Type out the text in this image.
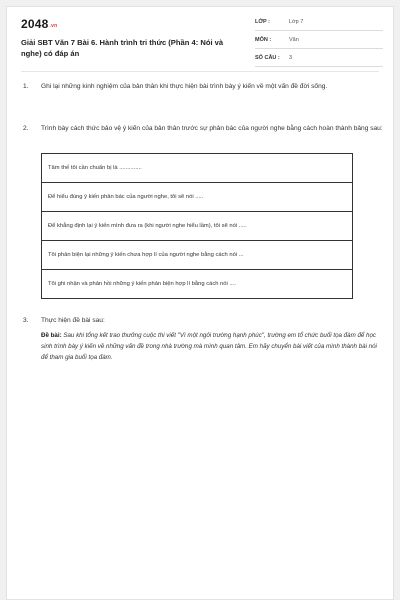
$2048^{.vn}$
Giải SBT Văn 7 Bài 6. Hành trình tri thức (Phần 4: Nói và nghe) có đáp án
LỚP :	Lớp 7
MÔN :	Văn
SỐ CÂU : 3
1. Ghi lại những kinh nghiệm của bản thân khi thực hiện bài trình bày ý kiến về một vấn đề đời sống.
2. Trình bày cách thức bảo vệ ý kiến của bản thân trước sự phản bác của người nghe bằng cách hoàn thành bảng sau:
Tâm thế tôi cần chuẩn bị là ..............
Để hiểu đúng ý kiến phản bác của người nghe, tôi sẽ nói .....
Để khẳng định lại ý kiến mình đưa ra (khi người nghe hiểu lầm), tôi sẽ nói .....
Tôi phản biện lại những ý kiến chưa hợp lí của người nghe bằng cách nói ...
Tôi ghi nhận và phản hồi những ý kiến phản biện hợp lí bằng cách nói ....
3. Thực hiện đề bài sau:
Đề bài: Sau khi tổng kết trao thưởng cuộc thi viết "Vì một ngôi trường hạnh phúc", trường em tổ chức buổi tọa đàm để học sinh trình bày ý kiến về những vấn đề trong nhà trường mà mình quan tâm. Em hãy chuyển bài viết của mình thành bài nói để tham gia buổi tọa đàm.
